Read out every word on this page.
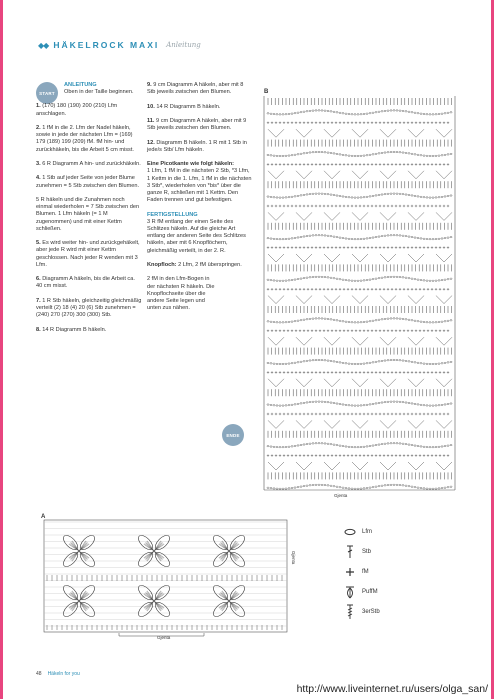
◆◆ HÄKELROCK MAXI Anleitung
START
ENDE

ANLEITUNG
Oben in der Taille beginnen.

1. (170) 180 (190) 200 (210) Lfm anschlagen.

2. 1 fM in die 2. Lfm der Nadel häkeln, sowie in jede der nächsten Lfm = (169) 179 (189) 199 (209) fM. fM hin- und zurückhäkeln, bis die Arbeit 5 cm misst.

3. 6 R Diagramm A hin- und zurückhäkeln.

4. 1 Stb auf jeder Seite von jeder Blume zunehmen = 5 Stb zwischen den Blumen.

5 R häkeln und die Zunahmen noch einmal wiederholen = 7 Stb zwischen den Blumen. 1 Lfm häkeln (= 1 M zugenommen) und mit einer Kettm schließen.

5. Es wird weiter hin- und zurückgehäkelt, aber jede R wird mit einer Kettm geschlossen. Nach jeder R wenden mit 3 Lfm.

6. Diagramm A häkeln, bis die Arbeit ca. 40 cm misst.

7. 1 R Stb häkeln, gleichzeitig gleichmäßig verteilt (2) 18 (4) 20 (6) Stb zunehmen = (240) 270 (270) 300 (300) Stb.

8. 14 R Diagramm B häkeln.

9. 9 cm Diagramm A häkeln, aber mit 8 Stb jeweils zwischen den Blumen.

10. 14 R Diagramm B häkeln.

11. 9 cm Diagramm A häkeln, aber mit 9 Stb jeweils zwischen den Blumen.

12. Diagramm B häkeln. 1 R mit 1 Stb in jede/s Stb/ Lfm häkeln.

Eine Picotkante wie folgt häkeln:
1 Lfm, 1 fM in die nächsten 2 Stb, *3 Lfm, 1 Kettm in die 1. Lfm, 1 fM in die nächsten 3 Stb*, wiederholen von *bis* über die ganze R, schließen mit 1 Kettm. Den Faden trennen und gut befestigen.

FERTIGSTELLUNG
3 R fM entlang der einen Seite des Schlitzes häkeln. Auf die gleiche Art entlang der anderen Seite des Schlitzes häkeln, aber mit 6 Knopflöchern, gleichmäßig verteilt, in der 2. R.

Knopfloch: 2 Lfm, 2 fM überspringen.

2 fM in den Lfm-Bogen in der nächsten R häkeln. Die Knopflochseite über die andere Seite legen und unten zus nähen.

B
Gjenta
A
Gjenta
Gjenta
Lfm
Stb
fM
PuffM
3erStb
48 Häkeln for you
http://www.liveinternet.ru/users/olga_san/
